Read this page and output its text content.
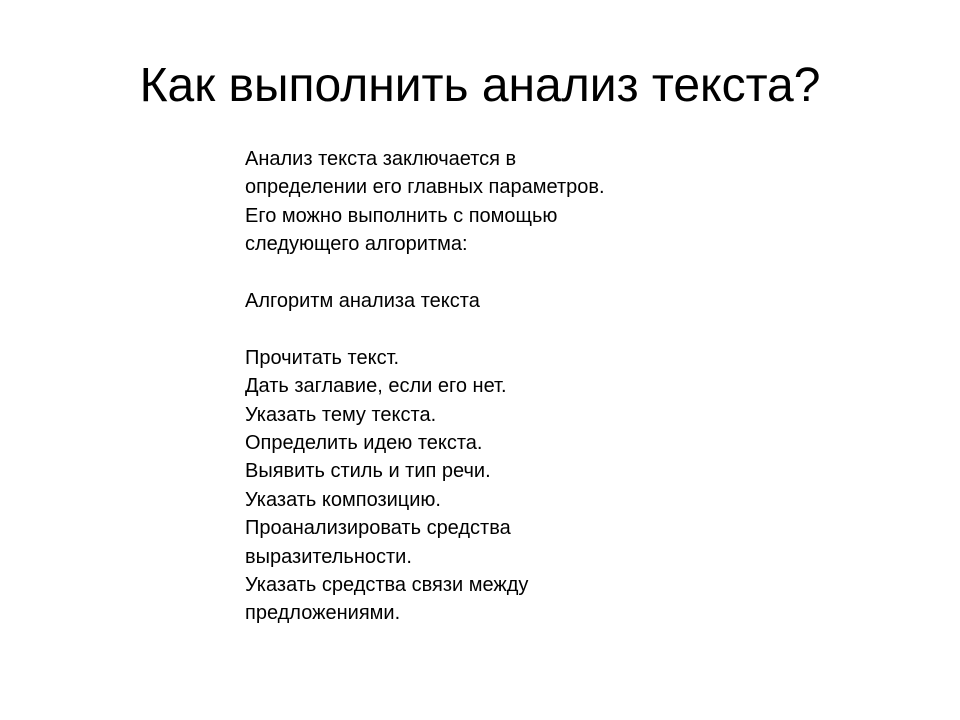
Как выполнить анализ текста?

Анализ текста заключается в

определении его главных параметров.

Его можно выполнить с помощью

следующего алгоритма:

Алгоритм анализа текста

Прочитать текст.

Дать заглавие, если его нет.

Указать тему текста.

Определить идею текста.

Выявить стиль и тип речи.

Указать композицию.

Проанализировать средства

выразительности.

Указать средства связи между

предложениями.
